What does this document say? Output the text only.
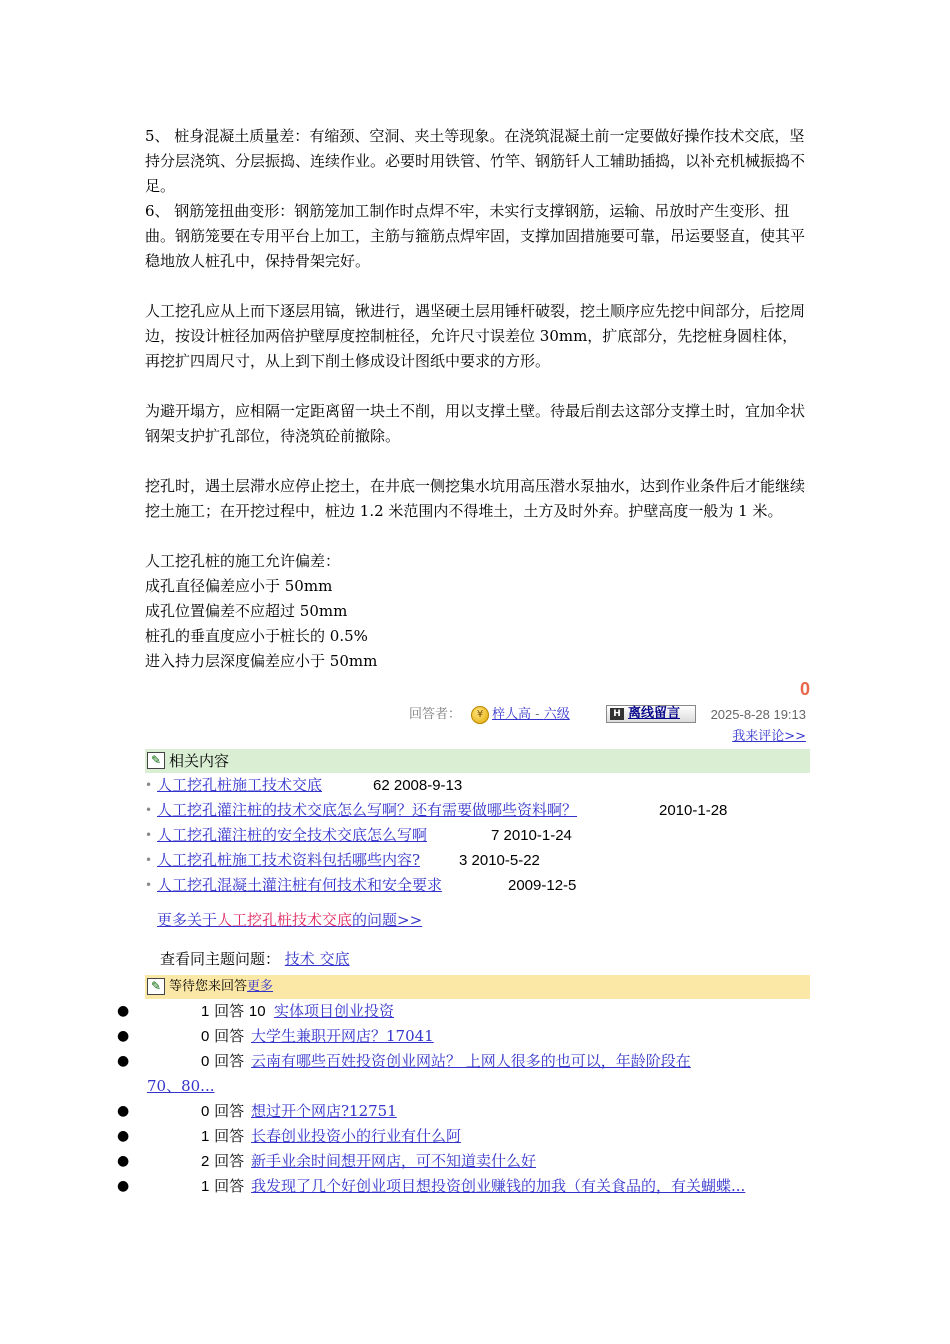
5、 桩身混凝土质量差：有缩颈、空洞、夹土等现象。在浇筑混凝土前一定要做好操作技术交底，坚持分层浇筑、分层振捣、连续作业。必要时用铁管、竹竿、钢筋钎人工辅助插捣，以补充机械振捣不足。

6、 钢筋笼扭曲变形：钢筋笼加工制作时点焊不牢，未实行支撑钢筋，运输、吊放时产生变形、扭曲。钢筋笼要在专用平台上加工，主筋与箍筋点焊牢固，支撑加固措施要可靠，吊运要竖直，使其平稳地放人桩孔中，保持骨架完好。

人工挖孔应从上而下逐层用镐，锹进行，遇坚硬土层用锤杆破裂，挖土顺序应先挖中间部分，后挖周边，按设计桩径加两倍护壁厚度控制桩径，允许尺寸误差位 30mm，扩底部分，先挖桩身圆柱体，再挖扩四周尺寸，从上到下削土修成设计图纸中要求的方形。

为避开塌方，应相隔一定距离留一块土不削，用以支撑土壁。待最后削去这部分支撑土时，宜加伞状钢架支护扩孔部位，待浇筑砼前撤除。

挖孔时，遇土层滞水应停止挖土，在井底一侧挖集水坑用高压潜水泵抽水，达到作业条件后才能继续挖土施工；在开挖过程中，桩边 1.2 米范围内不得堆土，土方及时外弃。护壁高度一般为 1 米。

人工挖孔桩的施工允许偏差：

成孔直径偏差应小于 50mm

成孔位置偏差不应超过 50mm

桩孔的垂直度应小于桩长的 0.5%

进入持力层深度偏差应小于 50mm

0
回答者：	¥ 梓人高 - 六级	H 离线留言	2025-8-28 19:13
我来评论>>
✎ 相关内容
• 人工挖孔桩施工技术交底	62 2008-9-13
• 人工挖孔灌注桩的技术交底怎么写啊？还有需要做哪些资料啊？	2010-1-28
• 人工挖孔灌注桩的安全技术交底怎么写啊	7 2010-1-24
• 人工挖孔桩施工技术资料包括哪些内容?	3 2010-5-22
• 人工挖孔混凝土灌注桩有何技术和安全要求	2009-12-5
更多关于人工挖孔桩技术交底的问题>>
查看同主题问题： 技术 交底
✎ 等待您来回答更多
●	1 回答 10 实体项目创业投资
●	0 回答 大学生兼职开网店？17041
●	0 回答 云南有哪些百姓投资创业网站？ 上网人很多的也可以，年龄阶段在
70、80...
●	0 回答 想过开个网店?12751
●	1 回答 长春创业投资小的行业有什么阿
●	2 回答 新手业余时间想开网店，可不知道卖什么好
●	1 回答 我发现了几个好创业项目想投资创业赚钱的加我（有关食品的，有关蝴蝶...
